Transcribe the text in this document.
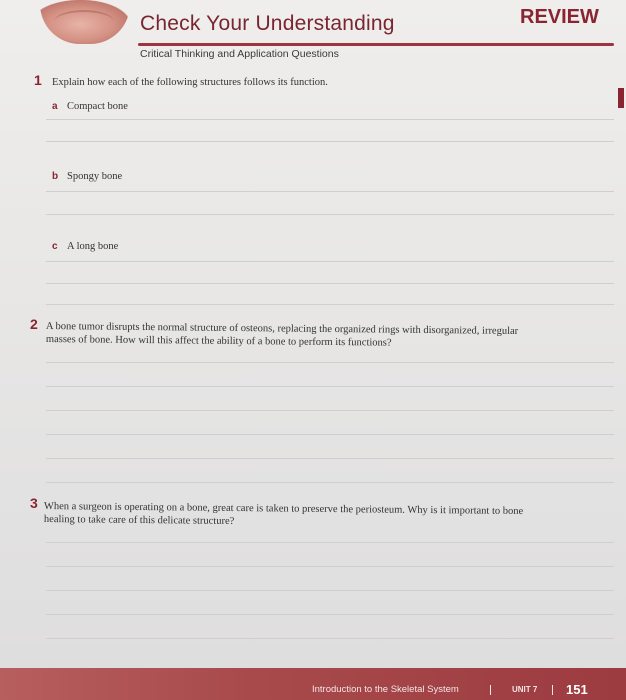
Check Your Understanding	REVIEW
Critical Thinking and Application Questions
1 Explain how each of the following structures follows its function.
a Compact bone
b Spongy bone
c A long bone
2 A bone tumor disrupts the normal structure of osteons, replacing the organized rings with disorganized, irregular
masses of bone. How will this affect the ability of a bone to perform its functions?
3 When a surgeon is operating on a bone, great care is taken to preserve the periosteum. Why is it important to bone
healing to take care of this delicate structure?
Introduction to the Skeletal System	UNIT 7 151
